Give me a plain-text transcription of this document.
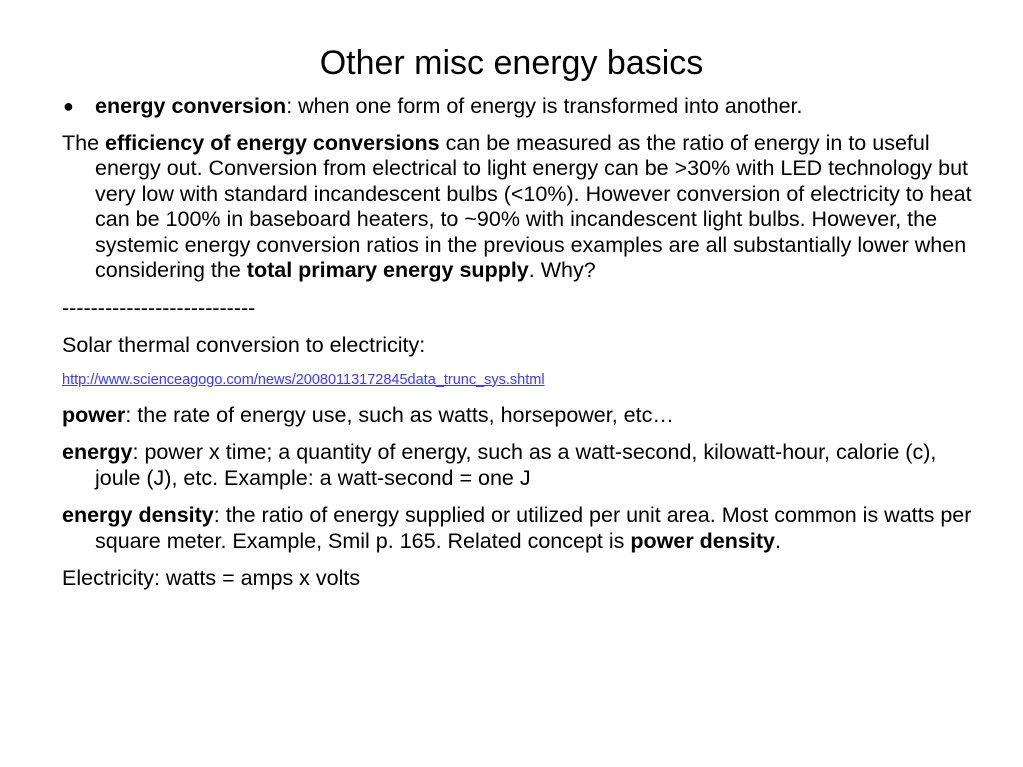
Other misc energy basics
● energy conversion: when one form of energy is transformed into another.
The efficiency of energy conversions can be measured as the ratio of energy in to useful energy out. Conversion from electrical to light energy can be >30% with LED technology but very low with standard incandescent bulbs (<10%). However conversion of electricity to heat can be 100% in baseboard heaters, to ~90% with incandescent light bulbs. However, the systemic energy conversion ratios in the previous examples are all substantially lower when considering the total primary energy supply. Why?
---------------------------
Solar thermal conversion to electricity:
http://www.scienceagogo.com/news/20080113172845data_trunc_sys.shtml
power: the rate of energy use, such as watts, horsepower, etc…
energy: power x time; a quantity of energy, such as a watt-second, kilowatt-hour, calorie (c), joule (J), etc. Example: a watt-second = one J
energy density: the ratio of energy supplied or utilized per unit area. Most common is watts per square meter. Example, Smil p. 165. Related concept is power density.
Electricity: watts = amps x volts
